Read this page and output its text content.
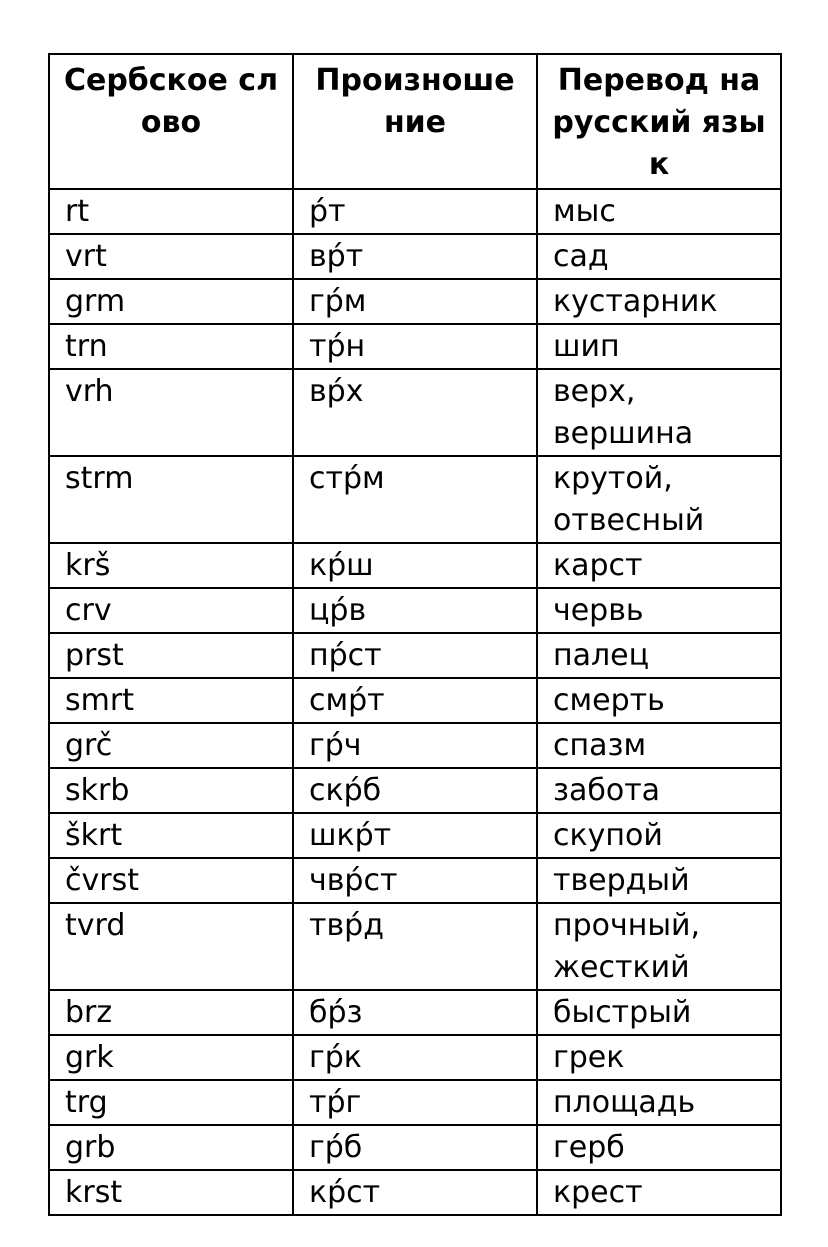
Сербское слово	Произноше ние	Перевод на русский язык
rt	р́т	мыс
vrt	вр́т	сад
grm	гр́м	кустарник
trn	тр́н	шип
vrh	вр́х	верх, вершина
strm	стр́м	крутой, отвесный
krš	кр́ш	карст
crv	цр́в	червь
prst	пр́ст	палец
smrt	смр́т	смерть
grč	гр́ч	спазм
skrb	скр́б	забота
škrt	шкр́т	скупой
čvrst	чвр́ст	твердый
tvrd	твр́д	прочный, жесткий
brz	бр́з	быстрый
grk	гр́к	грек
trg	тр́г	площадь
grb	гр́б	герб
krst	кр́ст	крест
